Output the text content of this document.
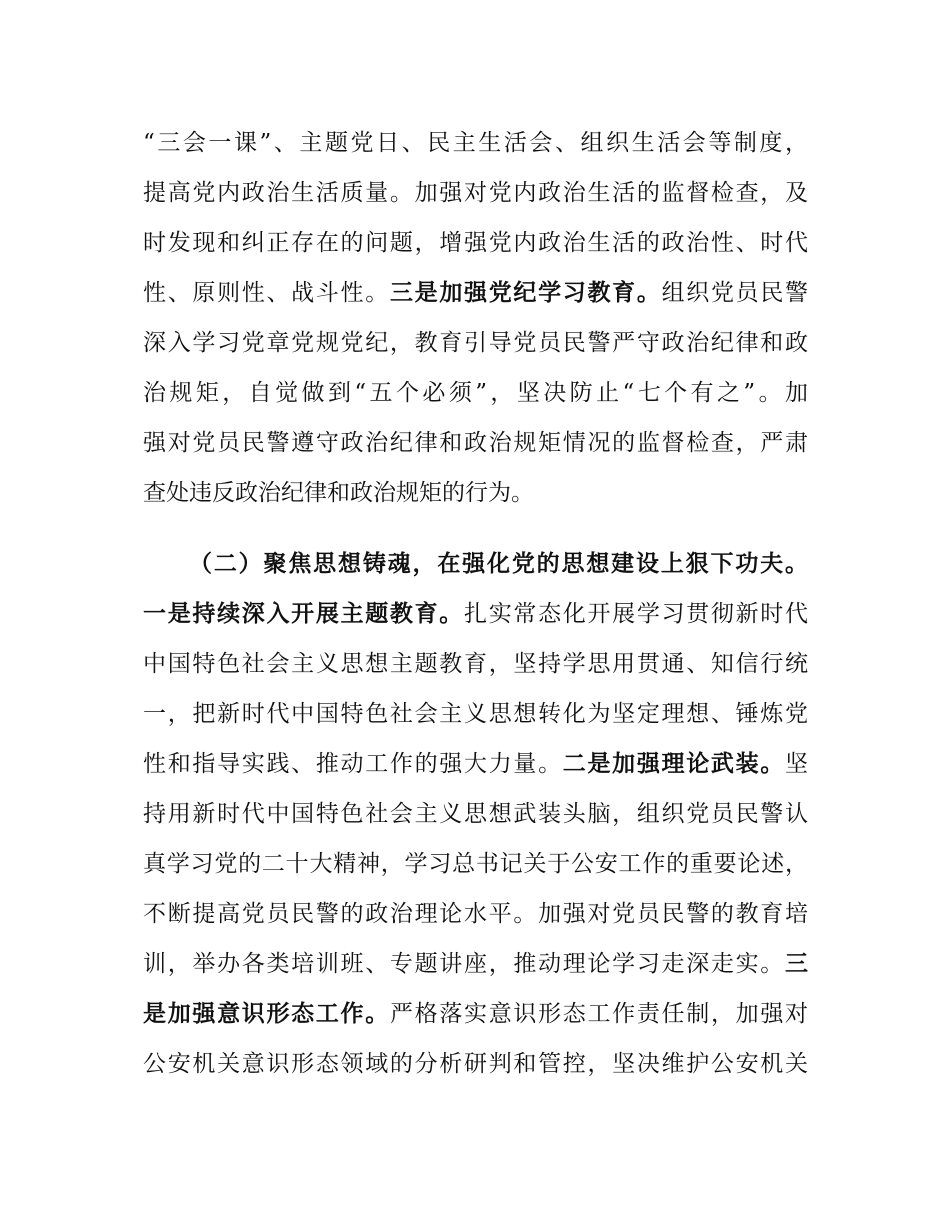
“三会一课”、主题党日、民主生活会、组织生活会等制度，
提高党内政治生活质量。加强对党内政治生活的监督检查，及
时发现和纠正存在的问题，增强党内政治生活的政治性、时代
性、原则性、战斗性。三是加强党纪学习教育。组织党员民警
深入学习党章党规党纪，教育引导党员民警严守政治纪律和政
治规矩，自觉做到“五个必须”，坚决防止“七个有之”。加
强对党员民警遵守政治纪律和政治规矩情况的监督检查，严肃
查处违反政治纪律和政治规矩的行为。
（二）聚焦思想铸魂，在强化党的思想建设上狠下功夫。
一是持续深入开展主题教育。扎实常态化开展学习贯彻新时代
中国特色社会主义思想主题教育，坚持学思用贯通、知信行统
一，把新时代中国特色社会主义思想转化为坚定理想、锤炼党
性和指导实践、推动工作的强大力量。二是加强理论武装。坚
持用新时代中国特色社会主义思想武装头脑，组织党员民警认
真学习党的二十大精神，学习总书记关于公安工作的重要论述，
不断提高党员民警的政治理论水平。加强对党员民警的教育培
训，举办各类培训班、专题讲座，推动理论学习走深走实。三
是加强意识形态工作。严格落实意识形态工作责任制，加强对
公安机关意识形态领域的分析研判和管控，坚决维护公安机关
